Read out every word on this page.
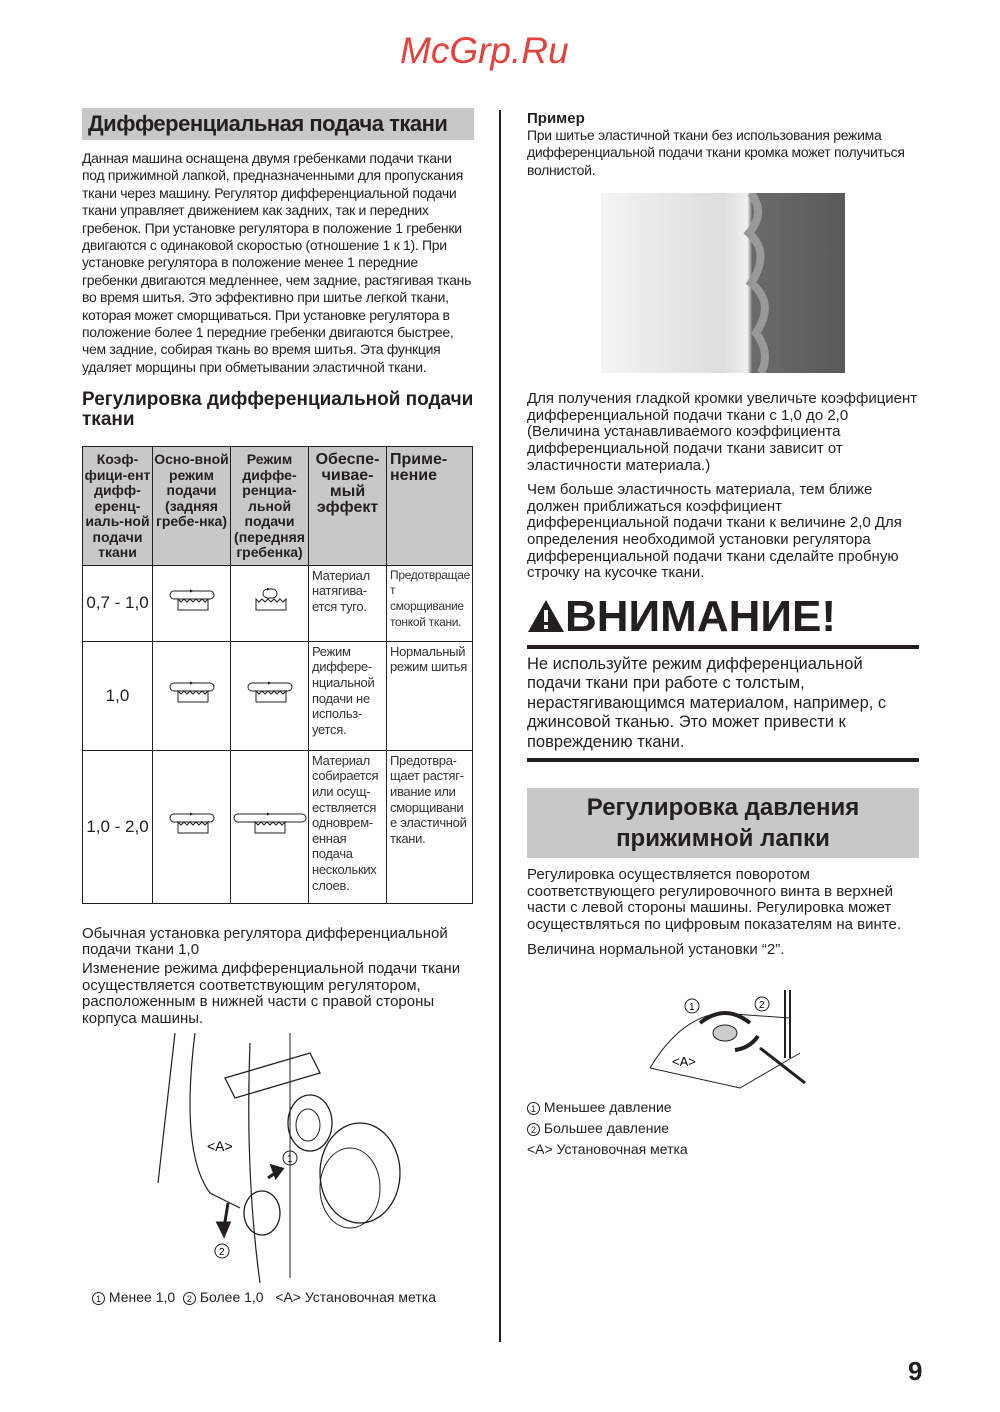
Дифференциальная подача ткани

Данная машина оснащена двумя гребенками подачи ткани под прижимной лапкой, предназначенными для пропускания ткани через машину. Регулятор дифференциальной подачи ткани управляет движением как задних, так и передних гребенок. При установке регулятора в положение 1 гребенки двигаются с одинаковой скоростью (отношение 1 к 1). При установке регулятора в положение менее 1 передние гребенки двигаются медленнее, чем задние, растягивая ткань во время шитья. Это эффективно при шитье легкой ткани, которая может сморщиваться. При установке регулятора в положение более 1 передние гребенки двигаются быстрее, чем задние, собирая ткань во время шитья. Эта функция удаляет морщины при обметывании эластичной ткани.

Регулировка дифференциальной подачи ткани
Коэф-фици-ент дифф-еренц-иаль-ной подачи ткани	Осно-вной режим подачи (задняя гребе-нка)	Режим диффе-ренциа-льной подачи (передняя гребенка)	Обеспе-чивае-мый эффект	Приме-нение
0,7 - 1,0			Материал натягива-ется туго.	Предотвращает сморщивание тонкой ткани.
1,0			Режим диффере-нциальной подачи не использ-уется.	Нормальный режим шитья
1,0 - 2,0			Материал собирается или осущ-ествляется одноврем-енная подача нескольких слоев.	Предотвра-щает растяг-ивание или сморщивание эластичной ткани.

Обычная установка регулятора дифференциальной подачи ткани 1,0

Изменение режима дифференциальной подачи ткани осуществляется соответствующим регулятором, расположенным в нижней части с правой стороны корпуса машины.

1
2
<A>
1 Менее 1,0 2 Более 1,0 <A> Установочная метка
Пример

При шитье эластичной ткани без использования режима дифференциальной подачи ткани кромка может получиться волнистой.

Для получения гладкой кромки увеличьте коэффициент дифференциальной подачи ткани с 1,0 до 2,0 (Величина устанавливаемого коэффициента дифференциальной подачи ткани зависит от эластичности материала.)

Чем больше эластичность материала, тем ближе должен приближаться коэффициент дифференциальной подачи ткани к величине 2,0 Для определения необходимой установки регулятора дифференциальной подачи ткани сделайте пробную строчку на кусочке ткани.

ВНИМАНИЕ!

Не используйте режим дифференциальной подачи ткани при работе с толстым, нерастягивающимся материалом, например, с джинсовой тканью. Это может привести к повреждению ткани.

Регулировка давления прижимной лапки

Регулировка осуществляется поворотом соответствующего регулировочного винта в верхней части с левой стороны машины. Регулировка может осуществляться по цифровым показателям на винте.

Величина нормальной установки “2”.

1	2
<A>
1 Меньшее давление
2 Большее давление
<A> Установочная метка
9
McGrp.Ru
